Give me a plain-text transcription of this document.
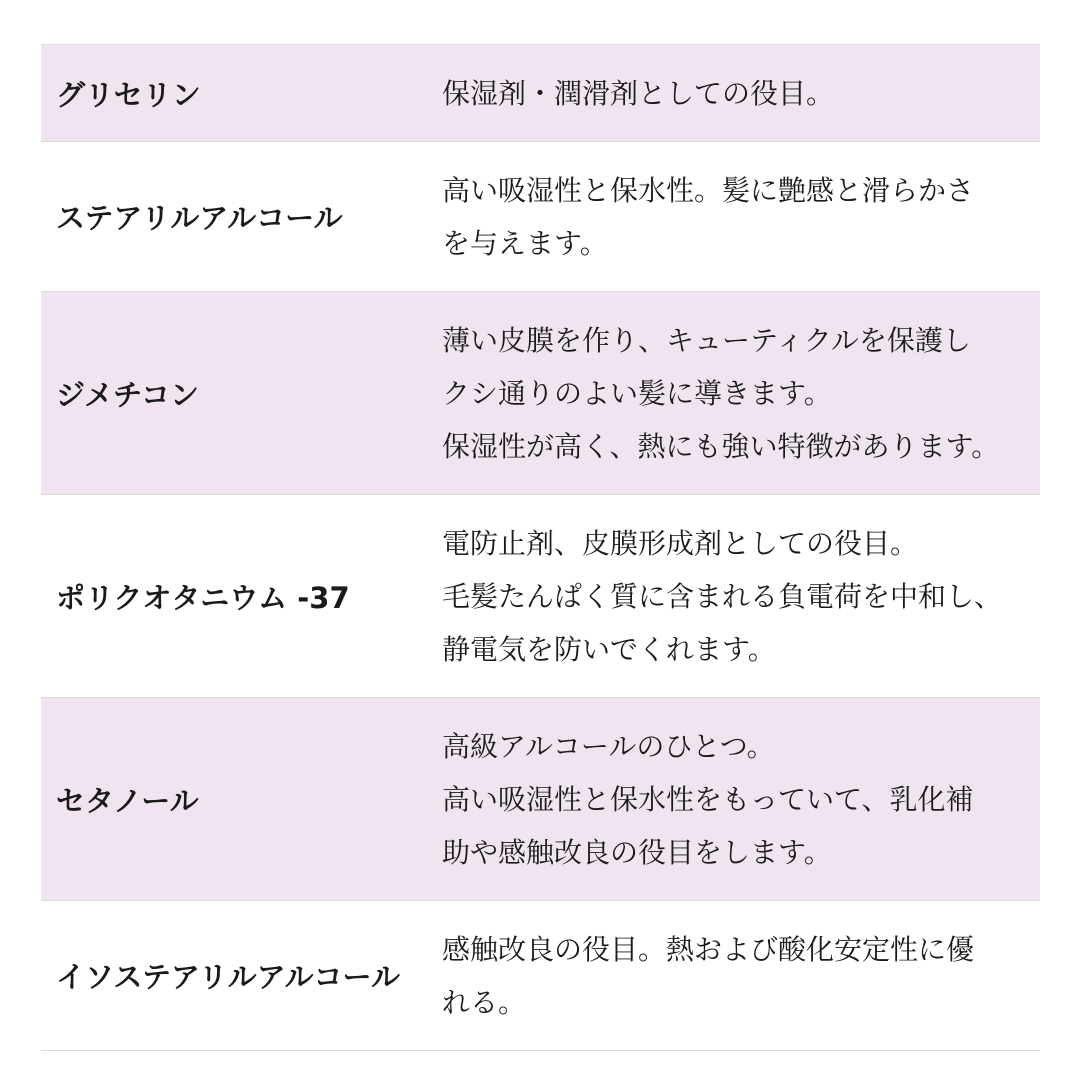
グリセリン	保湿剤・潤滑剤としての役目。

ステアリルアルコール	高い吸湿性と保水性。髪に艶感と滑らかさ
を与えます。

ジメチコン	薄い皮膜を作り、キューティクルを保護し
クシ通りのよい髪に導きます。
保湿性が高く、熱にも強い特徴があります。

ポリクオタニウム -37	電防止剤、皮膜形成剤としての役目。
毛髪たんぱく質に含まれる負電荷を中和し、
静電気を防いでくれます。

セタノール	高級アルコールのひとつ。
高い吸湿性と保水性をもっていて、乳化補
助や感触改良の役目をします。

イソステアリルアルコール	感触改良の役目。熱および酸化安定性に優
れる。
